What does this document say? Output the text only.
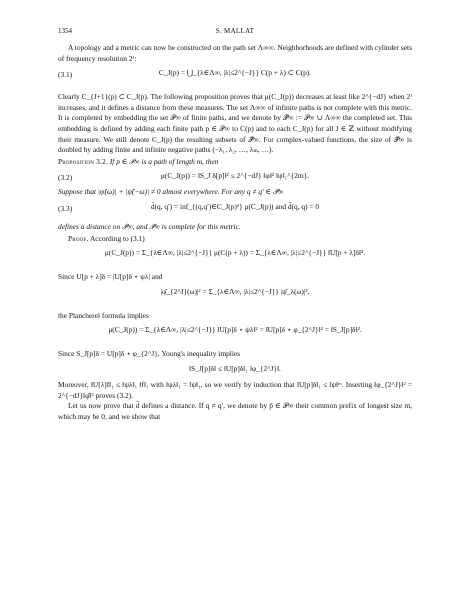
1354	S. MALLAT

A topology and a metric can now be constructed on the path set Λ∞∞. Neighborhoods are defined with cylinder sets of frequency resolution 2ᴶ:

(3.1)	C_J(p) = ⋃_{λ∈Λ∞, |λ|≤2^{−J}} C(p + λ) ⊂ C(p).

Clearly C_{J+1}(p) ⊂ C_J(p). The following proposition proves that μ(C_J(p)) decreases at least like 2^{−dJ} when 2ᴶ increases, and it defines a distance from these measures. The set Λ∞∞ of infinite paths is not complete with this metric. It is completed by embedding the set 𝒫∞ of finite paths, and we denote by 𝒫̄∞ := 𝒫∞ ∪ Λ∞∞ the completed set. This embedding is defined by adding each finite path p ∈ 𝒫∞ to C(p) and to each C_J(p) for all J ∈ ℤ without modifying their measure. We still denote C_J(p) the resulting subsets of 𝒫̄∞. For complex-valued functions, the size of 𝒫̄∞ is doubled by adding finite and infinite negative paths (−λ₁, λ₂, …, λₘ, …).

Proposition 3.2. If p ∈ 𝒫∞ is a path of length m, then

(3.2)	μ(C_J(p)) = ‖S_J δ[p]‖² ≤ 2^{−dJ} ‖φ‖² ‖ψ‖₁^{2m}.

Suppose that |ψ̂(ω)| + |ψ̂(−ω)| ≠ 0 almost everywhere. For any q ≠ q′ ∈ 𝒫̄∞

(3.3)	d̃(q, q′) = inf_{(q,q′)∈C_J(p)²} μ(C_J(p)) and d̃(q, q) = 0

defines a distance on 𝒫̄∞, and 𝒫̄∞ is complete for this metric.

Proof. According to (3.1)

μ(C_J(p)) = Σ_{λ∈Λ∞, |λ|≤2^{−J}} μ(C(p + λ)) = Σ_{λ∈Λ∞, |λ|≤2^{−J}} ‖U[p + λ]δ‖².

Since U[p + λ]δ = |U[p]δ ⋆ ψλ| and

|φ̂_{2^J}(ω)|² = Σ_{λ∈Λ∞, |λ|≤2^{−J}} |ψ̂_λ(ω)|²,

the Plancherel formula implies

μ(C_J(p)) = Σ_{λ∈Λ∞, |λ|≤2^{−J}} ‖U[p]δ ⋆ ψλ‖² = ‖U[p]δ ⋆ φ_{2^J}‖² = ‖S_J[p]δ‖².

Since S_J[p]δ = U[p]δ ⋆ φ_{2^J}, Young's inequality implies

‖S_J[p]δ‖ ≤ ‖U[p]δ‖₁ ‖φ_{2^J}‖.

Moreover, ‖U[λ]f‖₁ ≤ ‖ψλ‖₁ ‖f‖₁ with ‖ψλ‖₁ = ‖ψ‖₁, so we verify by induction that ‖U[p]δ‖₁ ≤ ‖ψ‖ᵐ. Inserting ‖φ_{2^J}‖² = 2^{−dJ}‖φ̂‖² proves (3.2).

Let us now prove that d̃ defines a distance. If q ≠ q′, we denote by p̄ ∈ 𝒫∞ their common prefix of longest size m, which may be 0, and we show that
